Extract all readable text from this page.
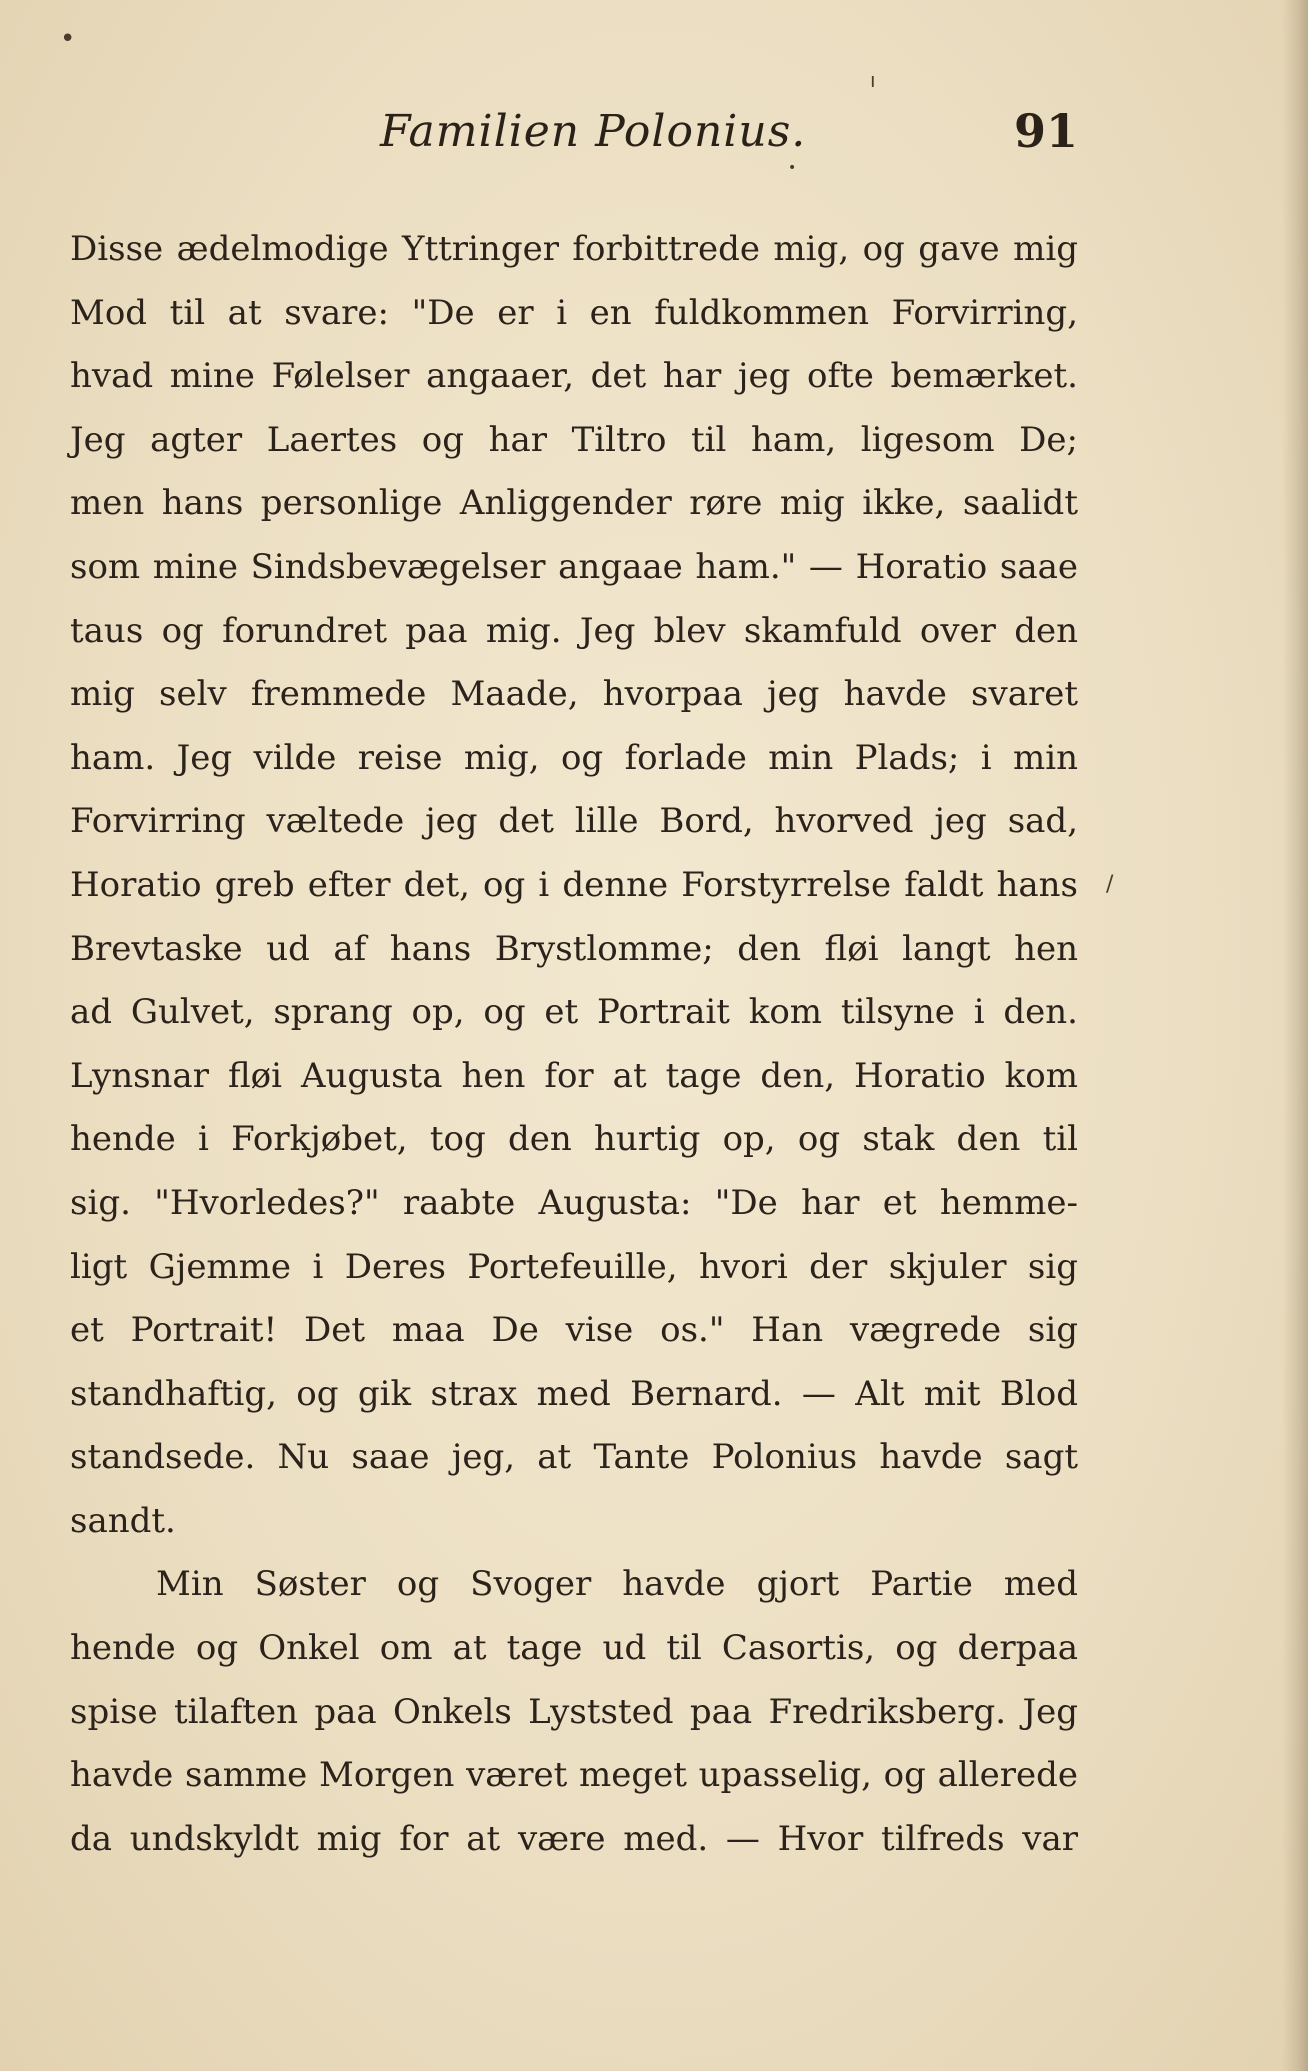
•
ı
•
/
Familien Polonius.	91
Disse ædelmodige Yttringer forbittrede mig, og gave mig
Mod til at svare: "De er i en fuldkommen Forvirring,
hvad mine Følelser angaaer, det har jeg ofte bemærket.
Jeg agter Laertes og har Tiltro til ham, ligesom De;
men hans personlige Anliggender røre mig ikke, saalidt
som mine Sindsbevægelser angaae ham." — Horatio saae
taus og forundret paa mig. Jeg blev skamfuld over den
mig selv fremmede Maade, hvorpaa jeg havde svaret
ham. Jeg vilde reise mig, og forlade min Plads; i min
Forvirring væltede jeg det lille Bord, hvorved jeg sad,
Horatio greb efter det, og i denne Forstyrrelse faldt hans
Brevtaske ud af hans Brystlomme; den fløi langt hen
ad Gulvet, sprang op, og et Portrait kom tilsyne i den.
Lynsnar fløi Augusta hen for at tage den, Horatio kom
hende i Forkjøbet, tog den hurtig op, og stak den til
sig. "Hvorledes?" raabte Augusta: "De har et hemme-
ligt Gjemme i Deres Portefeuille, hvori der skjuler sig
et Portrait! Det maa De vise os." Han vægrede sig
standhaftig, og gik strax med Bernard. — Alt mit Blod
standsede. Nu saae jeg, at Tante Polonius havde sagt
sandt.
Min Søster og Svoger havde gjort Partie med
hende og Onkel om at tage ud til Casortis, og derpaa
spise tilaften paa Onkels Lyststed paa Fredriksberg. Jeg
havde samme Morgen været meget upasselig, og allerede
da undskyldt mig for at være med. — Hvor tilfreds var
